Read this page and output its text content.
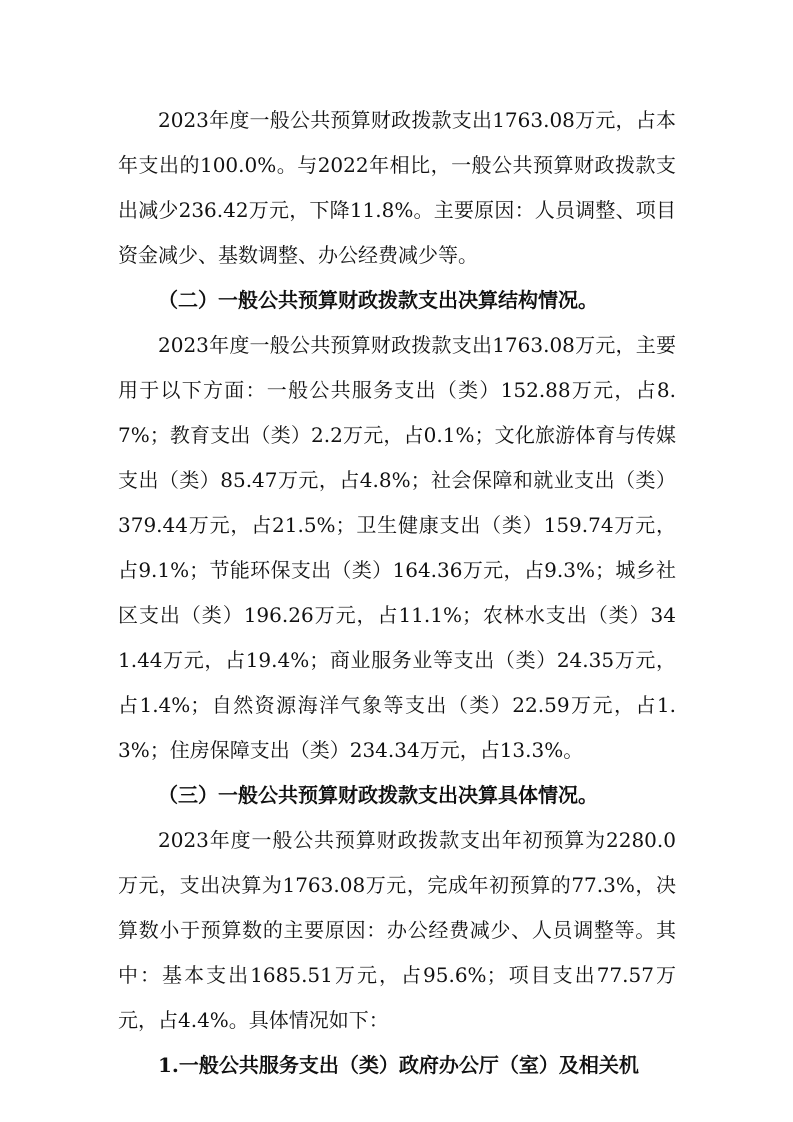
2023年度一般公共预算财政拨款支出1763.08万元，占本年支出的100.0%。与2022年相比，一般公共预算财政拨款支出减少236.42万元，下降11.8%。主要原因：人员调整、项目资金减少、基数调整、办公经费减少等。

（二）一般公共预算财政拨款支出决算结构情况。

2023年度一般公共预算财政拨款支出1763.08万元，主要用于以下方面：一般公共服务支出（类）152.88万元，占8.7%；教育支出（类）2.2万元，占0.1%；文化旅游体育与传媒支出（类）85.47万元，占4.8%；社会保障和就业支出（类）379.44万元，占21.5%；卫生健康支出（类）159.74万元，占9.1%；节能环保支出（类）164.36万元，占9.3%；城乡社区支出（类）196.26万元，占11.1%；农林水支出（类）341.44万元，占19.4%；商业服务业等支出（类）24.35万元，占1.4%；自然资源海洋气象等支出（类）22.59万元，占1.3%；住房保障支出（类）234.34万元，占13.3%。

（三）一般公共预算财政拨款支出决算具体情况。

2023年度一般公共预算财政拨款支出年初预算为2280.0万元，支出决算为1763.08万元，完成年初预算的77.3%，决算数小于预算数的主要原因：办公经费减少、人员调整等。其中：基本支出1685.51万元，占95.6%；项目支出77.57万元，占4.4%。具体情况如下：

1.一般公共服务支出（类）政府办公厅（室）及相关机
